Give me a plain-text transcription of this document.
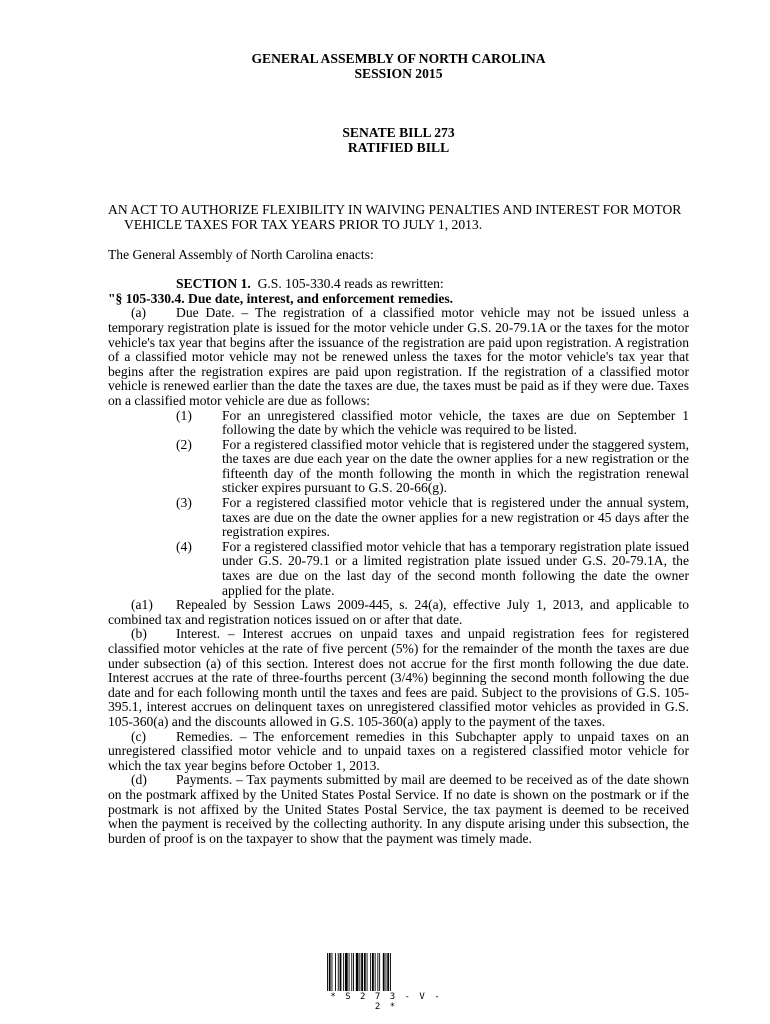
GENERAL ASSEMBLY OF NORTH CAROLINA

SESSION 2015

SENATE BILL 273

RATIFIED BILL

AN ACT TO AUTHORIZE FLEXIBILITY IN WAIVING PENALTIES AND INTEREST FOR MOTOR VEHICLE TAXES FOR TAX YEARS PRIOR TO JULY 1, 2013.

The General Assembly of North Carolina enacts:

SECTION 1. G.S. 105-330.4 reads as rewritten:

"§ 105-330.4. Due date, interest, and enforcement remedies.

(a) Due Date. – The registration of a classified motor vehicle may not be issued unless a temporary registration plate is issued for the motor vehicle under G.S. 20-79.1A or the taxes for the motor vehicle's tax year that begins after the issuance of the registration are paid upon registration. A registration of a classified motor vehicle may not be renewed unless the taxes for the motor vehicle's tax year that begins after the registration expires are paid upon registration. If the registration of a classified motor vehicle is renewed earlier than the date the taxes are due, the taxes must be paid as if they were due. Taxes on a classified motor vehicle are due as follows:

(1)	For an unregistered classified motor vehicle, the taxes are due on September 1 following the date by which the vehicle was required to be listed.
(2)	For a registered classified motor vehicle that is registered under the staggered system, the taxes are due each year on the date the owner applies for a new registration or the fifteenth day of the month following the month in which the registration renewal sticker expires pursuant to G.S. 20-66(g).
(3)	For a registered classified motor vehicle that is registered under the annual system, taxes are due on the date the owner applies for a new registration or 45 days after the registration expires.
(4)	For a registered classified motor vehicle that has a temporary registration plate issued under G.S. 20-79.1 or a limited registration plate issued under G.S. 20-79.1A, the taxes are due on the last day of the second month following the date the owner applied for the plate.

(a1) Repealed by Session Laws 2009-445, s. 24(a), effective July 1, 2013, and applicable to combined tax and registration notices issued on or after that date.

(b) Interest. – Interest accrues on unpaid taxes and unpaid registration fees for registered classified motor vehicles at the rate of five percent (5%) for the remainder of the month the taxes are due under subsection (a) of this section. Interest does not accrue for the first month following the due date. Interest accrues at the rate of three-fourths percent (3/4%) beginning the second month following the due date and for each following month until the taxes and fees are paid. Subject to the provisions of G.S. 105-395.1, interest accrues on delinquent taxes on unregistered classified motor vehicles as provided in G.S. 105-360(a) and the discounts allowed in G.S. 105-360(a) apply to the payment of the taxes.

(c) Remedies. – The enforcement remedies in this Subchapter apply to unpaid taxes on an unregistered classified motor vehicle and to unpaid taxes on a registered classified motor vehicle for which the tax year begins before October 1, 2013.

(d) Payments. – Tax payments submitted by mail are deemed to be received as of the date shown on the postmark affixed by the United States Postal Service. If no date is shown on the postmark or if the postmark is not affixed by the United States Postal Service, the tax payment is deemed to be received when the payment is received by the collecting authority. In any dispute arising under this subsection, the burden of proof is on the taxpayer to show that the payment was timely made.

* S 2 7 3 - V - 2 *
